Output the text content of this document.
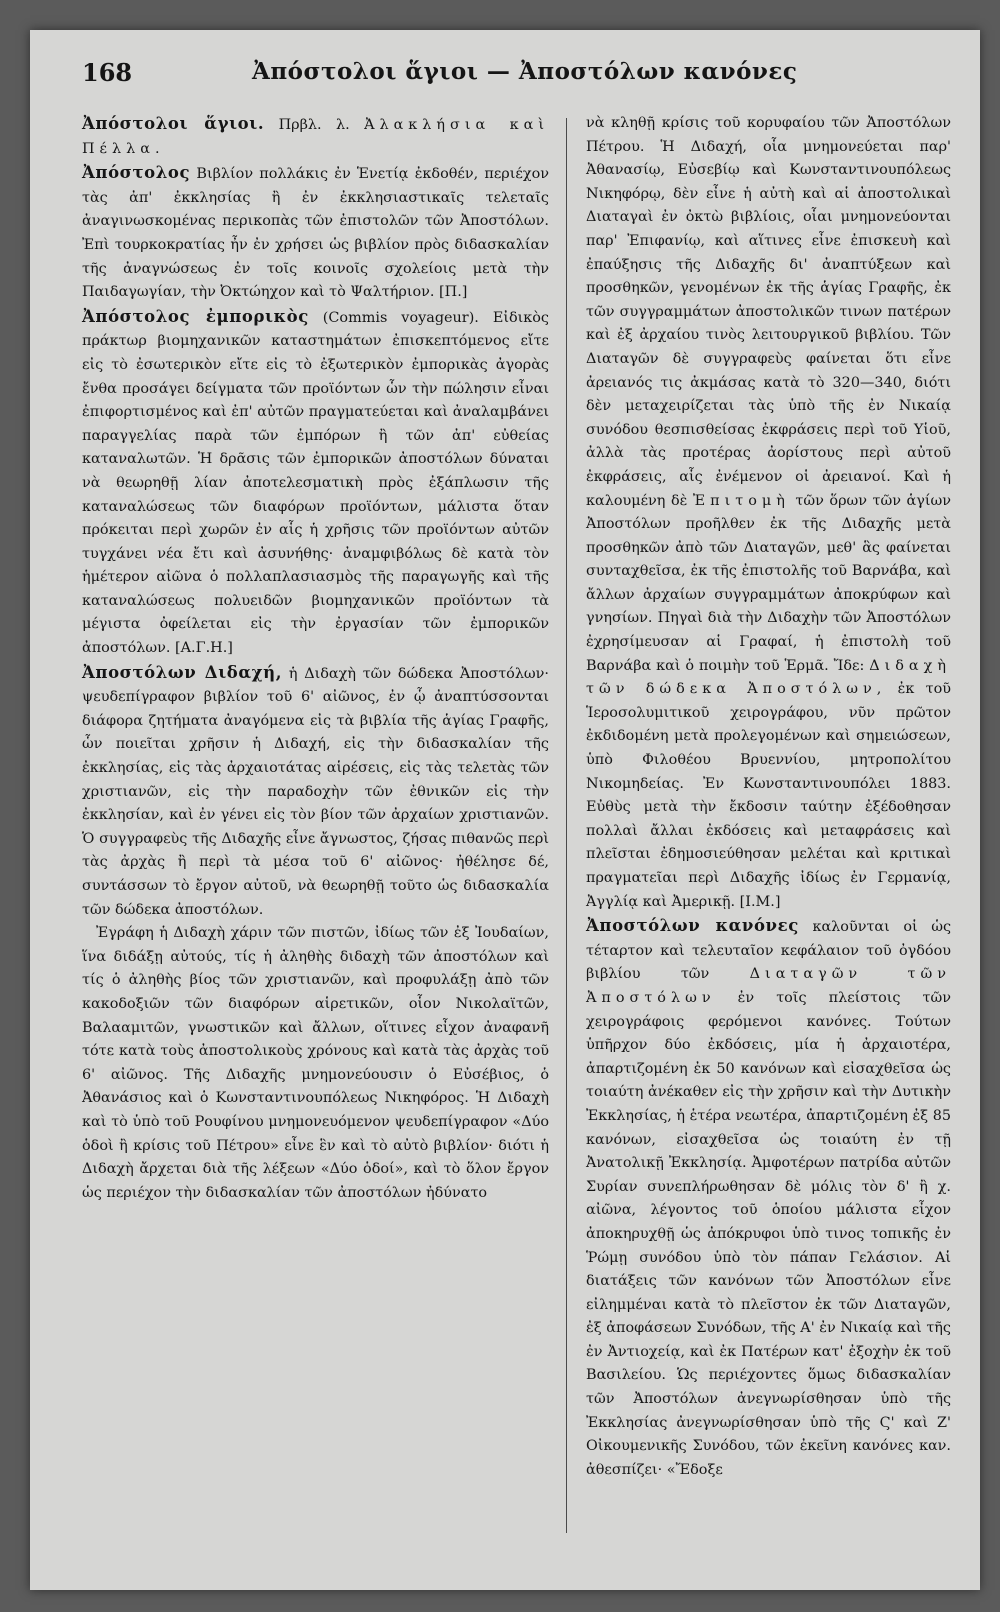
168	Ἀπόστολοι ἅγιοι — Ἀποστόλων κανόνες

Ἀπόστολοι ἅγιοι. Πρβλ. λ. Ἀλακλήσια καὶ Πέλλα.

Ἀπόστολος Βιβλίον πολλάκις ἐν Ἑνετίᾳ ἐκδοθέν, περιέχον τὰς ἀπ' ἐκκλησίας ἢ ἐν ἐκκλησιαστικαῖς τελεταῖς ἀναγινωσκομένας περικοπὰς τῶν ἐπιστολῶν τῶν Ἀποστόλων. Ἐπὶ τουρκοκρατίας ἦν ἐν χρήσει ὡς βιβλίον πρὸς διδασκαλίαν τῆς ἀναγνώσεως ἐν τοῖς κοινοῖς σχολείοις μετὰ τὴν Παιδαγωγίαν, τὴν Ὀκτώηχον καὶ τὸ Ψαλτήριον. [Π.]

Ἀπόστολος ἐμπορικὸς (Commis voyageur). Εἰδικὸς πράκτωρ βιομηχανικῶν καταστημάτων ἐπισκεπτόμενος εἴτε εἰς τὸ ἐσωτερικὸν εἴτε εἰς τὸ ἐξωτερικὸν ἐμπορικὰς ἀγορὰς ἔνθα προσάγει δείγματα τῶν προϊόντων ὧν τὴν πώλησιν εἶναι ἐπιφορτισμένος καὶ ἐπ' αὐτῶν πραγματεύεται καὶ ἀναλαμβάνει παραγγελίας παρὰ τῶν ἐμπόρων ἢ τῶν ἀπ' εὐθείας καταναλωτῶν. Ἡ δρᾶσις τῶν ἐμπορικῶν ἀποστόλων δύναται νὰ θεωρηθῇ λίαν ἀποτελεσματικὴ πρὸς ἐξάπλωσιν τῆς καταναλώσεως τῶν διαφόρων προϊόντων, μάλιστα ὅταν πρόκειται περὶ χωρῶν ἐν αἷς ἡ χρῆσις τῶν προϊόντων αὐτῶν τυγχάνει νέα ἔτι καὶ ἀσυνήθης· ἀναμφιβόλως δὲ κατὰ τὸν ἡμέτερον αἰῶνα ὁ πολλαπλασιασμὸς τῆς παραγωγῆς καὶ τῆς καταναλώσεως πολυειδῶν βιομηχανικῶν προϊόντων τὰ μέγιστα ὀφείλεται εἰς τὴν ἐργασίαν τῶν ἐμπορικῶν ἀποστόλων. [Α.Γ.Η.]

Ἀποστόλων Διδαχή, ἡ Διδαχὴ τῶν δώδεκα Ἀποστόλων· ψευδεπίγραφον βιβλίον τοῦ 6' αἰῶνος, ἐν ᾧ ἀναπτύσσονται διάφορα ζητήματα ἀναγόμενα εἰς τὰ βιβλία τῆς ἁγίας Γραφῆς, ὧν ποιεῖται χρῆσιν ἡ Διδαχή, εἰς τὴν διδασκαλίαν τῆς ἐκκλησίας, εἰς τὰς ἀρχαιοτάτας αἱρέσεις, εἰς τὰς τελετὰς τῶν χριστιανῶν, εἰς τὴν παραδοχὴν τῶν ἐθνικῶν εἰς τὴν ἐκκλησίαν, καὶ ἐν γένει εἰς τὸν βίον τῶν ἀρχαίων χριστιανῶν. Ὁ συγγραφεὺς τῆς Διδαχῆς εἶνε ἄγνωστος, ζήσας πιθανῶς περὶ τὰς ἀρχὰς ἢ περὶ τὰ μέσα τοῦ 6' αἰῶνος· ἠθέλησε δέ, συντάσσων τὸ ἔργον αὐτοῦ, νὰ θεωρηθῇ τοῦτο ὡς διδασκαλία τῶν δώδεκα ἀποστόλων.

Ἐγράφη ἡ Διδαχὴ χάριν τῶν πιστῶν, ἰδίως τῶν ἐξ Ἰουδαίων, ἵνα διδάξῃ αὐτούς, τίς ἡ ἀληθὴς διδαχὴ τῶν ἀποστόλων καὶ τίς ὁ ἀληθὴς βίος τῶν χριστιανῶν, καὶ προφυλάξῃ ἀπὸ τῶν κακοδοξιῶν τῶν διαφόρων αἱρετικῶν, οἷον Νικολαϊτῶν, Βαλααμιτῶν, γνωστικῶν καὶ ἄλλων, οἵτινες εἶχον ἀναφανῆ τότε κατὰ τοὺς ἀποστολικοὺς χρόνους καὶ κατὰ τὰς ἀρχὰς τοῦ 6' αἰῶνος. Τῆς Διδαχῆς μνημονεύουσιν ὁ Εὐσέβιος, ὁ Ἀθανάσιος καὶ ὁ Κωνσταντινουπόλεως Νικηφόρος. Ἡ Διδαχὴ καὶ τὸ ὑπὸ τοῦ Ρουφίνου μνημονευόμενον ψευδεπίγραφον «Δύο ὁδοὶ ἢ κρίσις τοῦ Πέτρου» εἶνε ἓν καὶ τὸ αὐτὸ βιβλίον· διότι ἡ Διδαχὴ ἄρχεται διὰ τῆς λέξεων «Δύο ὁδοί», καὶ τὸ ὅλον ἔργον ὡς περιέχον τὴν διδασκαλίαν τῶν ἀποστόλων ἠδύνατο

νὰ κληθῇ κρίσις τοῦ κορυφαίου τῶν Ἀποστόλων Πέτρου. Ἡ Διδαχή, οἷα μνημονεύεται παρ' Ἀθανασίῳ, Εὐσεβίῳ καὶ Κωνσταντινουπόλεως Νικηφόρῳ, δὲν εἶνε ἡ αὐτὴ καὶ αἱ ἀποστολικαὶ Διαταγαὶ ἐν ὀκτὼ βιβλίοις, οἷαι μνημονεύονται παρ' Ἐπιφανίῳ, καὶ αἵτινες εἶνε ἐπισκευὴ καὶ ἐπαύξησις τῆς Διδαχῆς δι' ἀναπτύξεων καὶ προσθηκῶν, γενομένων ἐκ τῆς ἁγίας Γραφῆς, ἐκ τῶν συγγραμμάτων ἀποστολικῶν τινων πατέρων καὶ ἐξ ἀρχαίου τινὸς λειτουργικοῦ βιβλίου. Τῶν Διαταγῶν δὲ συγγραφεὺς φαίνεται ὅτι εἶνε ἀρειανός τις ἀκμάσας κατὰ τὸ 320—340, διότι δὲν μεταχειρίζεται τὰς ὑπὸ τῆς ἐν Νικαίᾳ συνόδου θεσπισθείσας ἐκφράσεις περὶ τοῦ Υἱοῦ, ἀλλὰ τὰς προτέρας ἀορίστους περὶ αὐτοῦ ἐκφράσεις, αἷς ἐνέμενον οἱ ἀρειανοί. Καὶ ἡ καλουμένη δὲ Ἐπιτομὴ τῶν ὅρων τῶν ἁγίων Ἀποστόλων προῆλθεν ἐκ τῆς Διδαχῆς μετὰ προσθηκῶν ἀπὸ τῶν Διαταγῶν, μεθ' ἃς φαίνεται συνταχθεῖσα, ἐκ τῆς ἐπιστολῆς τοῦ Βαρνάβα, καὶ ἄλλων ἀρχαίων συγγραμμάτων ἀποκρύφων καὶ γνησίων. Πηγαὶ διὰ τὴν Διδαχὴν τῶν Ἀποστόλων ἐχρησίμευσαν αἱ Γραφαί, ἡ ἐπιστολὴ τοῦ Βαρνάβα καὶ ὁ ποιμὴν τοῦ Ἑρμᾶ. Ἴδε: Διδαχὴ τῶν δώδεκα Ἀποστόλων, ἐκ τοῦ Ἱεροσολυμιτικοῦ χειρογράφου, νῦν πρῶτον ἐκδιδομένη μετὰ προλεγομένων καὶ σημειώσεων, ὑπὸ Φιλοθέου Βρυεννίου, μητροπολίτου Νικομηδείας. Ἐν Κωνσταντινουπόλει 1883. Εὐθὺς μετὰ τὴν ἔκδοσιν ταύτην ἐξέδοθησαν πολλαὶ ἄλλαι ἐκδόσεις καὶ μεταφράσεις καὶ πλεῖσται ἐδημοσιεύθησαν μελέται καὶ κριτικαὶ πραγματεῖαι περὶ Διδαχῆς ἰδίως ἐν Γερμανίᾳ, Ἀγγλίᾳ καὶ Ἀμερικῇ. [Ι.Μ.]

Ἀποστόλων κανόνες καλοῦνται οἱ ὡς τέταρτον καὶ τελευταῖον κεφάλαιον τοῦ ὀγδόου βιβλίου τῶν Διαταγῶν τῶν Ἀποστόλων ἐν τοῖς πλείστοις τῶν χειρογράφοις φερόμενοι κανόνες. Τούτων ὑπῆρχον δύο ἐκδόσεις, μία ἡ ἀρχαιοτέρα, ἀπαρτιζομένη ἐκ 50 κανόνων καὶ εἰσαχθεῖσα ὡς τοιαύτη ἀνέκαθεν εἰς τὴν χρῆσιν καὶ τὴν Δυτικὴν Ἐκκλησίας, ἡ ἑτέρα νεωτέρα, ἀπαρτιζομένη ἐξ 85 κανόνων, εἰσαχθεῖσα ὡς τοιαύτη ἐν τῇ Ἀνατολικῇ Ἐκκλησίᾳ. Ἀμφοτέρων πατρίδα αὐτῶν Συρίαν συνεπλήρωθησαν δὲ μόλις τὸν δ' ἢ χ. αἰῶνα, λέγοντος τοῦ ὁποίου μάλιστα εἶχον ἀποκηρυχθῇ ὡς ἀπόκρυφοι ὑπὸ τινος τοπικῆς ἐν Ῥώμῃ συνόδου ὑπὸ τὸν πάπαν Γελάσιον. Αἱ διατάξεις τῶν κανόνων τῶν Ἀποστόλων εἶνε εἰλημμέναι κατὰ τὸ πλεῖστον ἐκ τῶν Διαταγῶν, ἐξ ἀποφάσεων Συνόδων, τῆς Α' ἐν Νικαίᾳ καὶ τῆς ἐν Ἀντιοχείᾳ, καὶ ἐκ Πατέρων κατ' ἐξοχὴν ἐκ τοῦ Βασιλείου. Ὡς περιέχοντες ὅμως διδασκαλίαν τῶν Ἀποστόλων ἀνεγνωρίσθησαν ὑπὸ τῆς Ἐκκλησίας ἀνεγνωρίσθησαν ὑπὸ τῆς Ϛ' καὶ Ζ' Οἰκουμενικῆς Συνόδου, τῶν ἐκεῖνη κανόνες καν. ἀθεσπίζει· «Ἔδοξε
